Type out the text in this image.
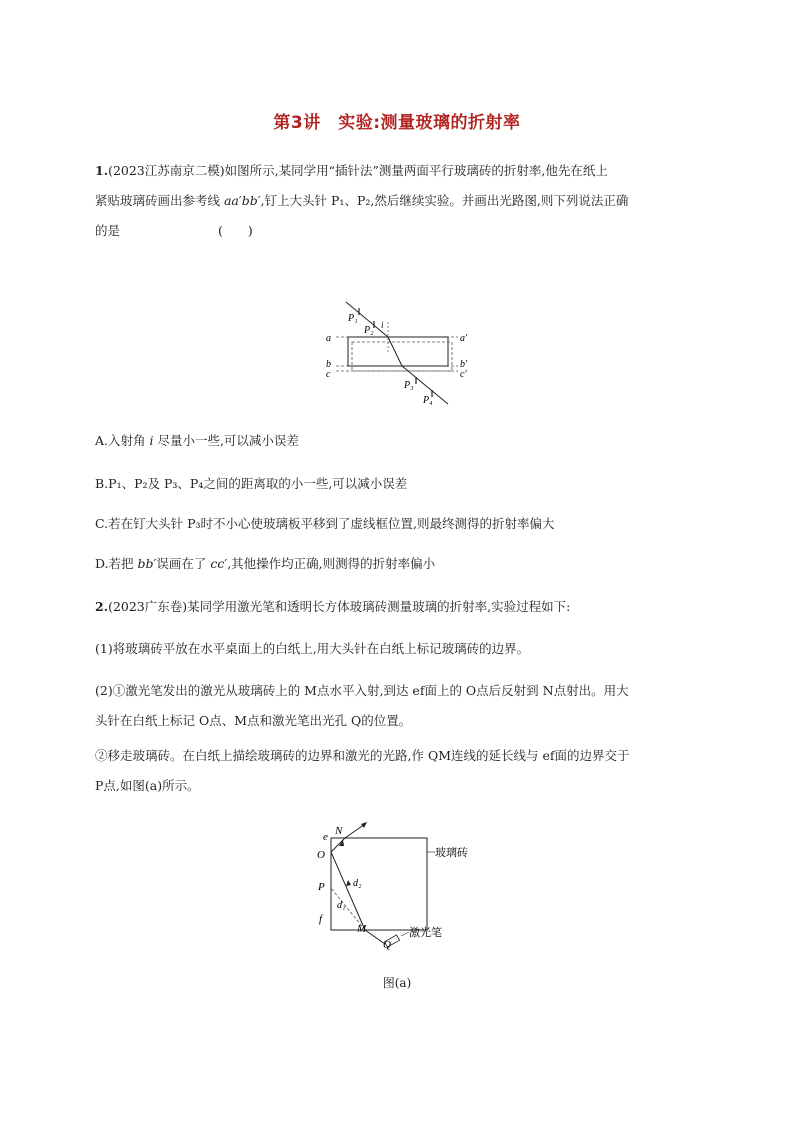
第3讲　实验:测量玻璃的折射率
1.(2023江苏南京二模)如图所示,某同学用“插针法”测量两面平行玻璃砖的折射率,他先在纸上
紧贴玻璃砖画出参考线 aa′bb′,钉上大头针 P₁、P₂,然后继续实验。并画出光路图,则下列说法正确
的是	(　　)
P₁
P₂ i
P₃
P₄
a	a′
b	b′
c	c′
A.入射角 i 尽量小一些,可以减小误差
B.P₁、P₂及 P₃、P₄之间的距离取的小一些,可以减小误差
C.若在钉大头针 P₃时不小心使玻璃板平移到了虚线框位置,则最终测得的折射率偏大
D.若把 bb′误画在了 cc′,其他操作均正确,则测得的折射率偏小
2.(2023广东卷)某同学用激光笔和透明长方体玻璃砖测量玻璃的折射率,实验过程如下:
(1)将玻璃砖平放在水平桌面上的白纸上,用大头针在白纸上标记玻璃砖的边界。
(2)①激光笔发出的激光从玻璃砖上的 M点水平入射,到达 ef面上的 O点后反射到 N点射出。用大
头针在白纸上标记 O点、M点和激光笔出光孔 Q的位置。
②移走玻璃砖。在白纸上描绘玻璃砖的边界和激光的光路,作 QM连线的延长线与 ef面的边界交于
P点,如图(a)所示。
e N
O
P
f
M
Q
d₂
d₁
玻璃砖
激光笔
图(a)
